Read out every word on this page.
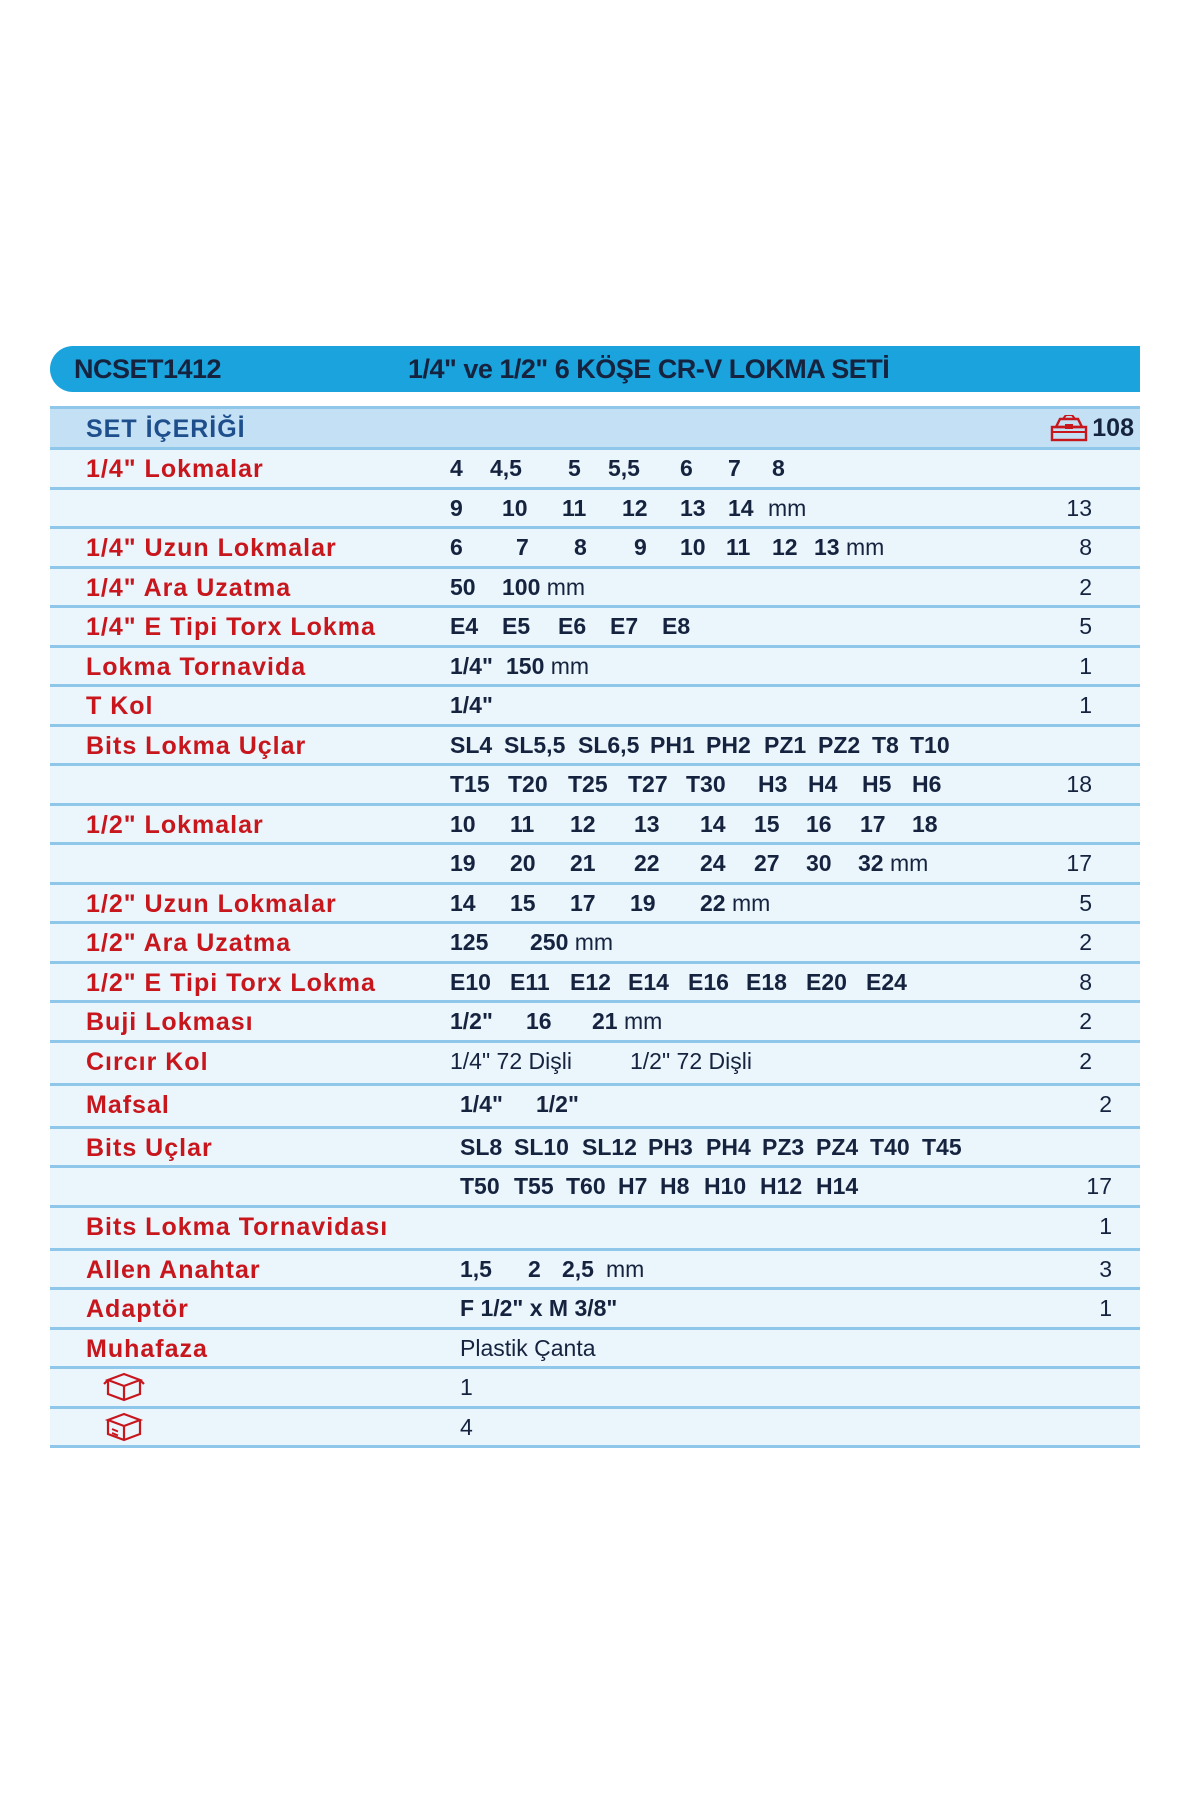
NCSET1412	1/4" ve 1/2" 6 KÖŞE CR-V LOKMA SETİ
SET İÇERİĞİ	108
1/4" Lokmalar	4 4,5 5 5,5 6 7 8
9 10 11 12 13 14 mm	13
1/4" Uzun Lokmalar	6 7 8 9 10 11 12 13 mm	8
1/4" Ara Uzatma	50 100 mm	2
1/4" E Tipi Torx Lokma	E4 E5 E6 E7 E8	5
Lokma Tornavida	1/4" 150 mm	1
T Kol	1/4"	1
Bits Lokma Uçlar	SL4 SL5,5 SL6,5 PH1 PH2 PZ1 PZ2 T8 T10
T15 T20 T25 T27 T30 H3 H4 H5 H6	18
1/2" Lokmalar	10 11 12 13 14 15 16 17 18
19 20 21 22 24 27 30 32 mm	17
1/2" Uzun Lokmalar	14 15 17 19 22 mm	5
1/2" Ara Uzatma	125 250 mm	2
1/2" E Tipi Torx Lokma	E10 E11 E12 E14 E16 E18 E20 E24	8
Buji Lokması	1/2" 16 21 mm	2
Cırcır Kol	1/4" 72 Dişli	1/2" 72 Dişli	2
Mafsal	1/4" 1/2"	2
Bits Uçlar	SL8 SL10 SL12 PH3 PH4 PZ3 PZ4 T40 T45
T50 T55 T60 H7 H8 H10 H12 H14	17
Bits Lokma Tornavidası	1
Allen Anahtar	1,5 2 2,5 mm	3
Adaptör	F 1/2" x M 3/8"	1
Muhafaza	Plastik Çanta
1
4
